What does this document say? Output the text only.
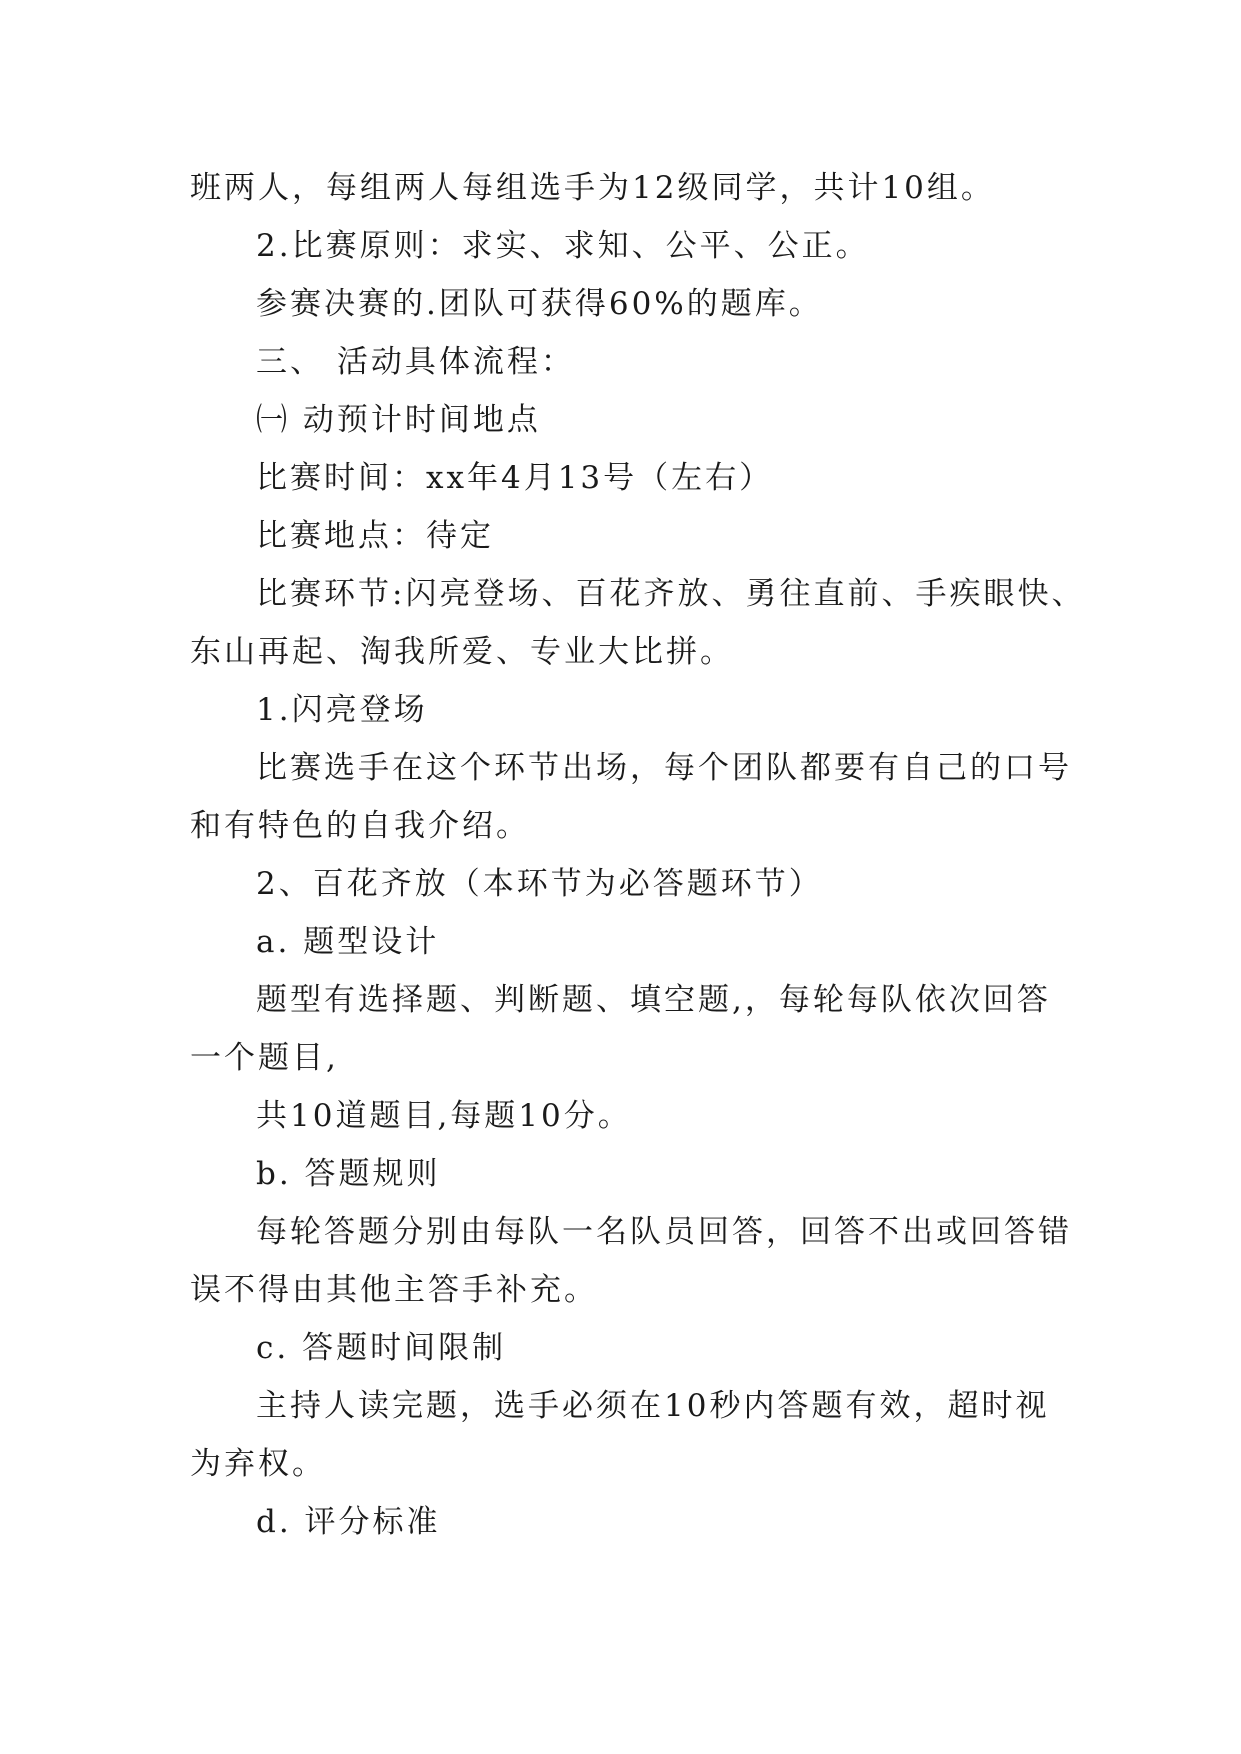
班两人，每组两人每组选手为12级同学，共计10组。
2.比赛原则：求实、求知、公平、公正。
参赛决赛的.团队可获得60%的题库。
三、 活动具体流程：
㈠ 动预计时间地点
比赛时间：xx年4月13号（左右）
比赛地点：待定
比赛环节:闪亮登场、百花齐放、勇往直前、手疾眼快、
东山再起、淘我所爱、专业大比拼。
1.闪亮登场
比赛选手在这个环节出场，每个团队都要有自己的口号
和有特色的自我介绍。
2、百花齐放（本环节为必答题环节）
a. 题型设计
题型有选择题、判断题、填空题,，每轮每队依次回答
一个题目,
共10道题目,每题10分。
b. 答题规则
每轮答题分别由每队一名队员回答，回答不出或回答错
误不得由其他主答手补充。
c. 答题时间限制
主持人读完题，选手必须在10秒内答题有效，超时视
为弃权。
d. 评分标准
